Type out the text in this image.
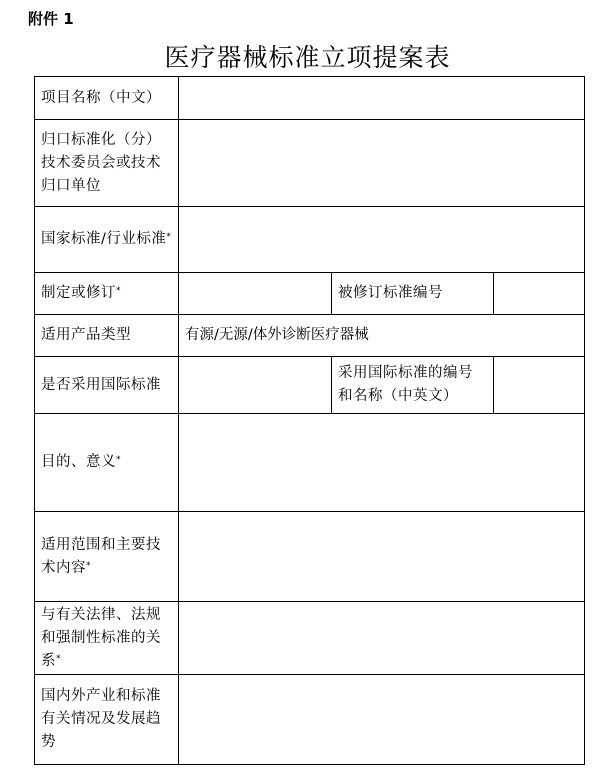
附件 1
医疗器械标准立项提案表
项目名称（中文）			
归口标准化（分）技术委员会或技术归口单位			
国家标准/行业标准*	
制定或修订*		被修订标准编号	
适用产品类型	有源/无源/体外诊断医疗器械		
是否采用国际标准		采用国际标准的编号和名称（中英文）	
目的、意义*	
适用范围和主要技术内容*	
与有关法律、法规和强制性标准的关系*	
国内外产业和标准有关情况及发展趋势			
